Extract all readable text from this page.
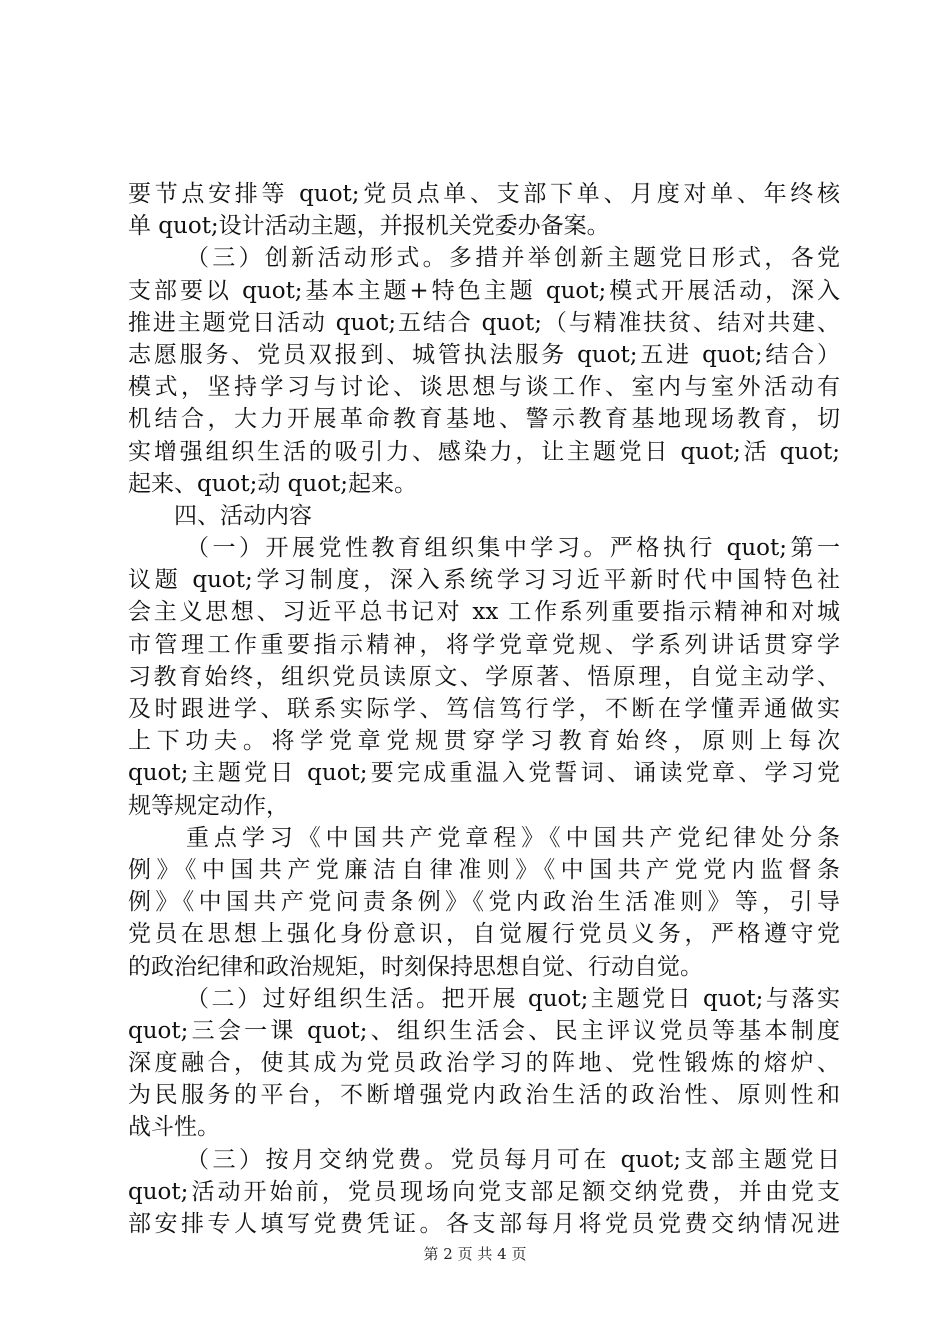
要节点安排等 quot;党员点单、支部下单、月度对单、年终核
单 quot;设计活动主题，并报机关党委办备案。
（三）创新活动形式。多措并举创新主题党日形式，各党
支部要以 quot;基本主题+特色主题 quot;模式开展活动，深入
推进主题党日活动 quot;五结合 quot;（与精准扶贫、结对共建、
志愿服务、党员双报到、城管执法服务 quot;五进 quot;结合）
模式，坚持学习与讨论、谈思想与谈工作、室内与室外活动有
机结合，大力开展革命教育基地、警示教育基地现场教育，切
实增强组织生活的吸引力、感染力，让主题党日 quot;活 quot;
起来、quot;动 quot;起来。
四、活动内容
（一）开展党性教育组织集中学习。严格执行 quot;第一
议题 quot;学习制度，深入系统学习习近平新时代中国特色社
会主义思想、习近平总书记对 xx 工作系列重要指示精神和对城
市管理工作重要指示精神，将学党章党规、学系列讲话贯穿学
习教育始终，组织党员读原文、学原著、悟原理，自觉主动学、
及时跟进学、联系实际学、笃信笃行学，不断在学懂弄通做实
上下功夫。将学党章党规贯穿学习教育始终，原则上每次
quot;主题党日 quot;要完成重温入党誓词、诵读党章、学习党
规等规定动作，
重点学习《中国共产党章程》《中国共产党纪律处分条
例》《中国共产党廉洁自律准则》《中国共产党党内监督条
例》《中国共产党问责条例》《党内政治生活准则》等，引导
党员在思想上强化身份意识，自觉履行党员义务，严格遵守党
的政治纪律和政治规矩，时刻保持思想自觉、行动自觉。
（二）过好组织生活。把开展 quot;主题党日 quot;与落实
quot;三会一课 quot;、组织生活会、民主评议党员等基本制度
深度融合，使其成为党员政治学习的阵地、党性锻炼的熔炉、
为民服务的平台，不断增强党内政治生活的政治性、原则性和
战斗性。
（三）按月交纳党费。党员每月可在 quot;支部主题党日
quot;活动开始前，党员现场向党支部足额交纳党费，并由党支
部安排专人填写党费凭证。各支部每月将党员党费交纳情况进
第 2 页 共 4 页
